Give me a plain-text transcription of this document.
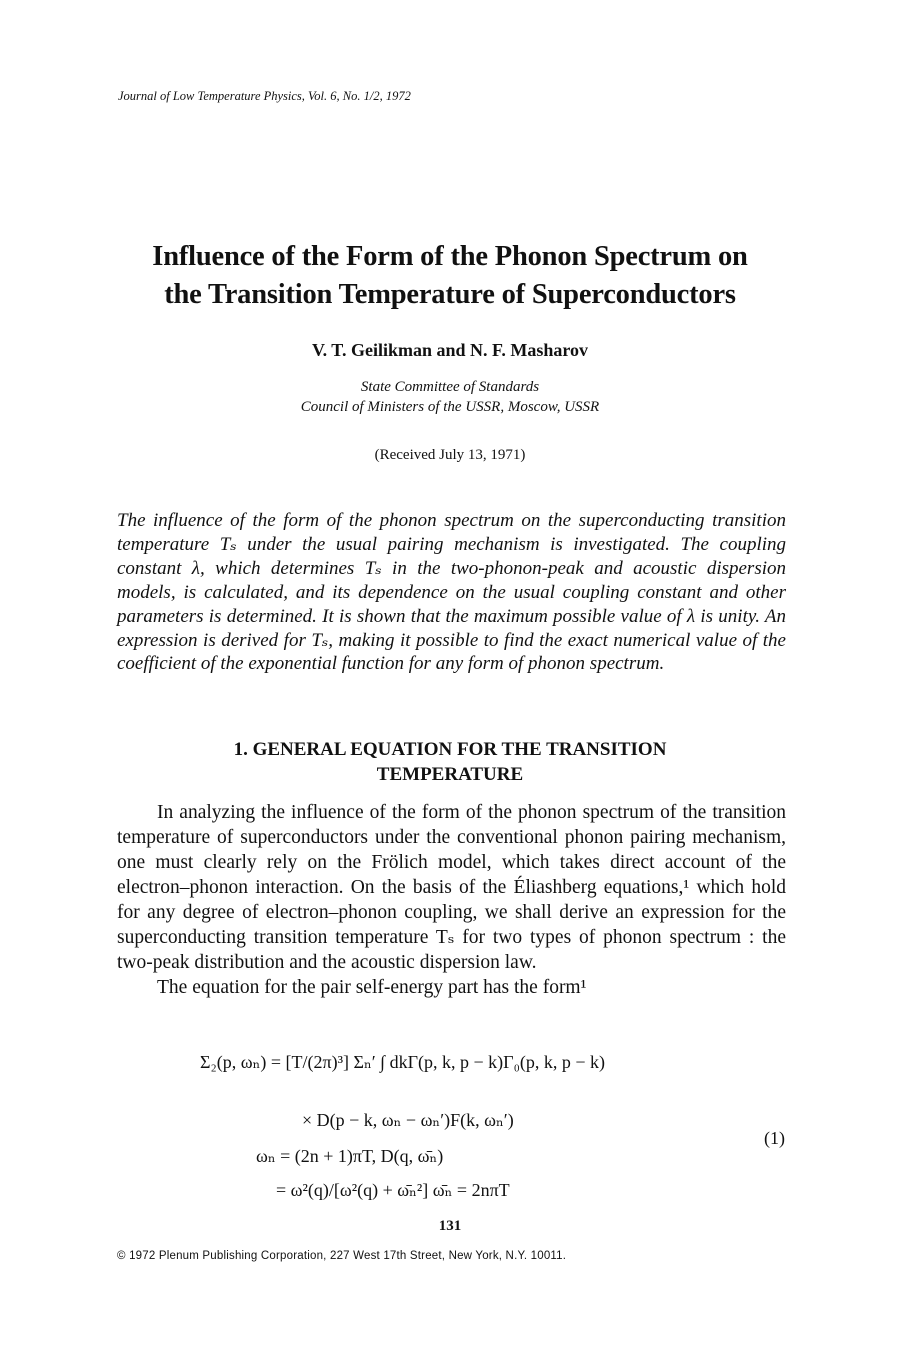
Journal of Low Temperature Physics, Vol. 6, No. 1/2, 1972
Influence of the Form of the Phonon Spectrum on
the Transition Temperature of Superconductors
V. T. Geilikman and N. F. Masharov
State Committee of Standards
Council of Ministers of the USSR, Moscow, USSR
(Received July 13, 1971)
The influence of the form of the phonon spectrum on the superconducting transition temperature Tₛ under the usual pairing mechanism is investigated. The coupling constant λ, which determines Tₛ in the two-phonon-peak and acoustic dispersion models, is calculated, and its dependence on the usual coupling constant and other parameters is determined. It is shown that the maximum possible value of λ is unity. An expression is derived for Tₛ, making it possible to find the exact numerical value of the coefficient of the exponential function for any form of phonon spectrum.
1. GENERAL EQUATION FOR THE TRANSITION
TEMPERATURE

In analyzing the influence of the form of the phonon spectrum of the transition temperature of superconductors under the conventional phonon pairing mechanism, one must clearly rely on the Frölich model, which takes direct account of the electron–phonon interaction. On the basis of the Éliashberg equations,¹ which hold for any degree of electron–phonon coupling, we shall derive an expression for the superconducting transition temperature Tₛ for two types of phonon spectrum : the two-peak distribution and the acoustic dispersion law.

The equation for the pair self-energy part has the form¹

Σ₂(p, ωₙ) = [T/(2π)³] Σₙ′ ∫ dkΓ(p, k, p − k)Γ₀(p, k, p − k)
× D(p − k, ωₙ − ωₙ′)F(k, ωₙ′)
ωₙ = (2n + 1)πT, D(q, ω̄ₙ)
= ω²(q)/[ω²(q) + ω̄ₙ²] ω̄ₙ = 2nπT
(1)
131
© 1972 Plenum Publishing Corporation, 227 West 17th Street, New York, N.Y. 10011.
